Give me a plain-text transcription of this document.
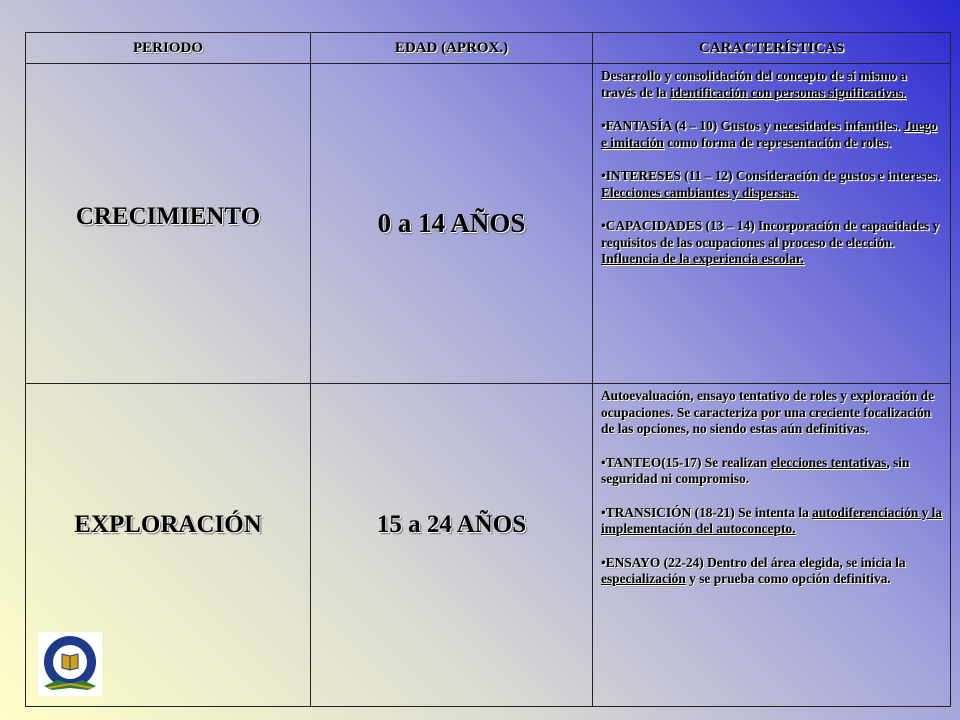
PERIODO	EDAD (APROX.)	CARACTERÍSTICAS
CRECIMIENTO	0 a 14 AÑOS	Desarrollo y consolidación del concepto de sí mismo a través de la identificación con personas significativas.

•FANTASÍA (4 – 10) Gustos y necesidades infantiles. Juego e imitación como forma de representación de roles.

•INTERESES (11 – 12) Consideración de gustos e intereses. Elecciones cambiantes y dispersas.

•CAPACIDADES (13 – 14) Incorporación de capacidades y requisitos de las ocupaciones al proceso de elección. Influencia de la experiencia escolar.

EXPLORACIÓN	15 a 24 AÑOS	Autoevaluación, ensayo tentativo de roles y exploración de ocupaciones. Se caracteriza por una creciente focalización de las opciones, no siendo estas aún definitivas.

•TANTEO(15-17) Se realizan elecciones tentativas, sin seguridad ni compromiso.

•TRANSICIÓN (18-21) Se intenta la autodiferenciación y la implementación del autoconcepto.

•ENSAYO (22-24) Dentro del área elegida, se inicia la especialización y se prueba como opción definitiva.
